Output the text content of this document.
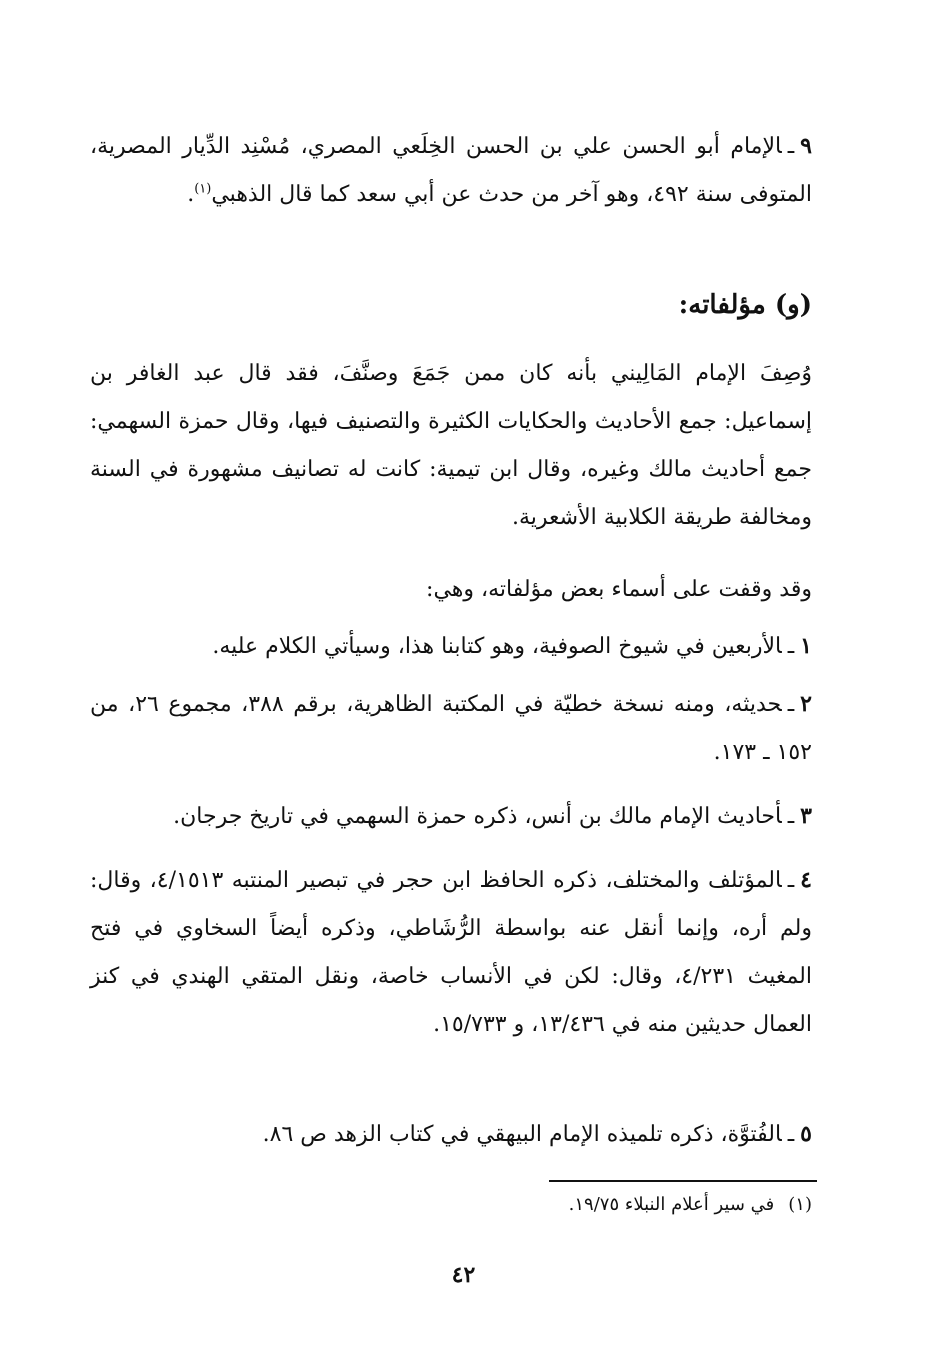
٩ـالإمام أبو الحسن علي بن الحسن الخِلَعي المصري، مُسْنِد الدِّيار المصرية، المتوفى سنة ٤٩٢، وهو آخر من حدث عن أبي سعد كما قال الذهبي$^{(١)}$.
(و) مؤلفاته:
وُصِفَ الإمام المَالِيني بأنه كان ممن جَمَعَ وصنَّفَ، فقد قال عبد الغافر بن إسماعيل: جمع الأحاديث والحكايات الكثيرة والتصنيف فيها، وقال حمزة السهمي: جمع أحاديث مالك وغيره، وقال ابن تيمية: كانت له تصانيف مشهورة في السنة ومخالفة طريقة الكلابية الأشعرية.
وقد وقفت على أسماء بعض مؤلفاته، وهي:
١ـالأربعين في شيوخ الصوفية، وهو كتابنا هذا، وسيأتي الكلام عليه.
٢ـحديثه، ومنه نسخة خطيّة في المكتبة الظاهرية، برقم ٣٨٨، مجموع ٢٦، من ١٥٢ ـ ١٧٣.
٣ـأحاديث الإمام مالك بن أنس، ذكره حمزة السهمي في تاريخ جرجان.
٤ـالمؤتلف والمختلف، ذكره الحافظ ابن حجر في تبصير المنتبه ٤/١٥١٣، وقال: ولم أره، وإنما أنقل عنه بواسطة الرُّشَاطي، وذكره أيضاً السخاوي في فتح المغيث ٤/٢٣١، وقال: لكن في الأنساب خاصة، ونقل المتقي الهندي في كنز العمال حديثين منه في ١٣/٤٣٦، و ١٥/٧٣٣.
٥ـالفُتوَّة، ذكره تلميذه الإمام البيهقي في كتاب الزهد ص ٨٦.
(١)في سير أعلام النبلاء ١٩/٧٥.
٤٢
